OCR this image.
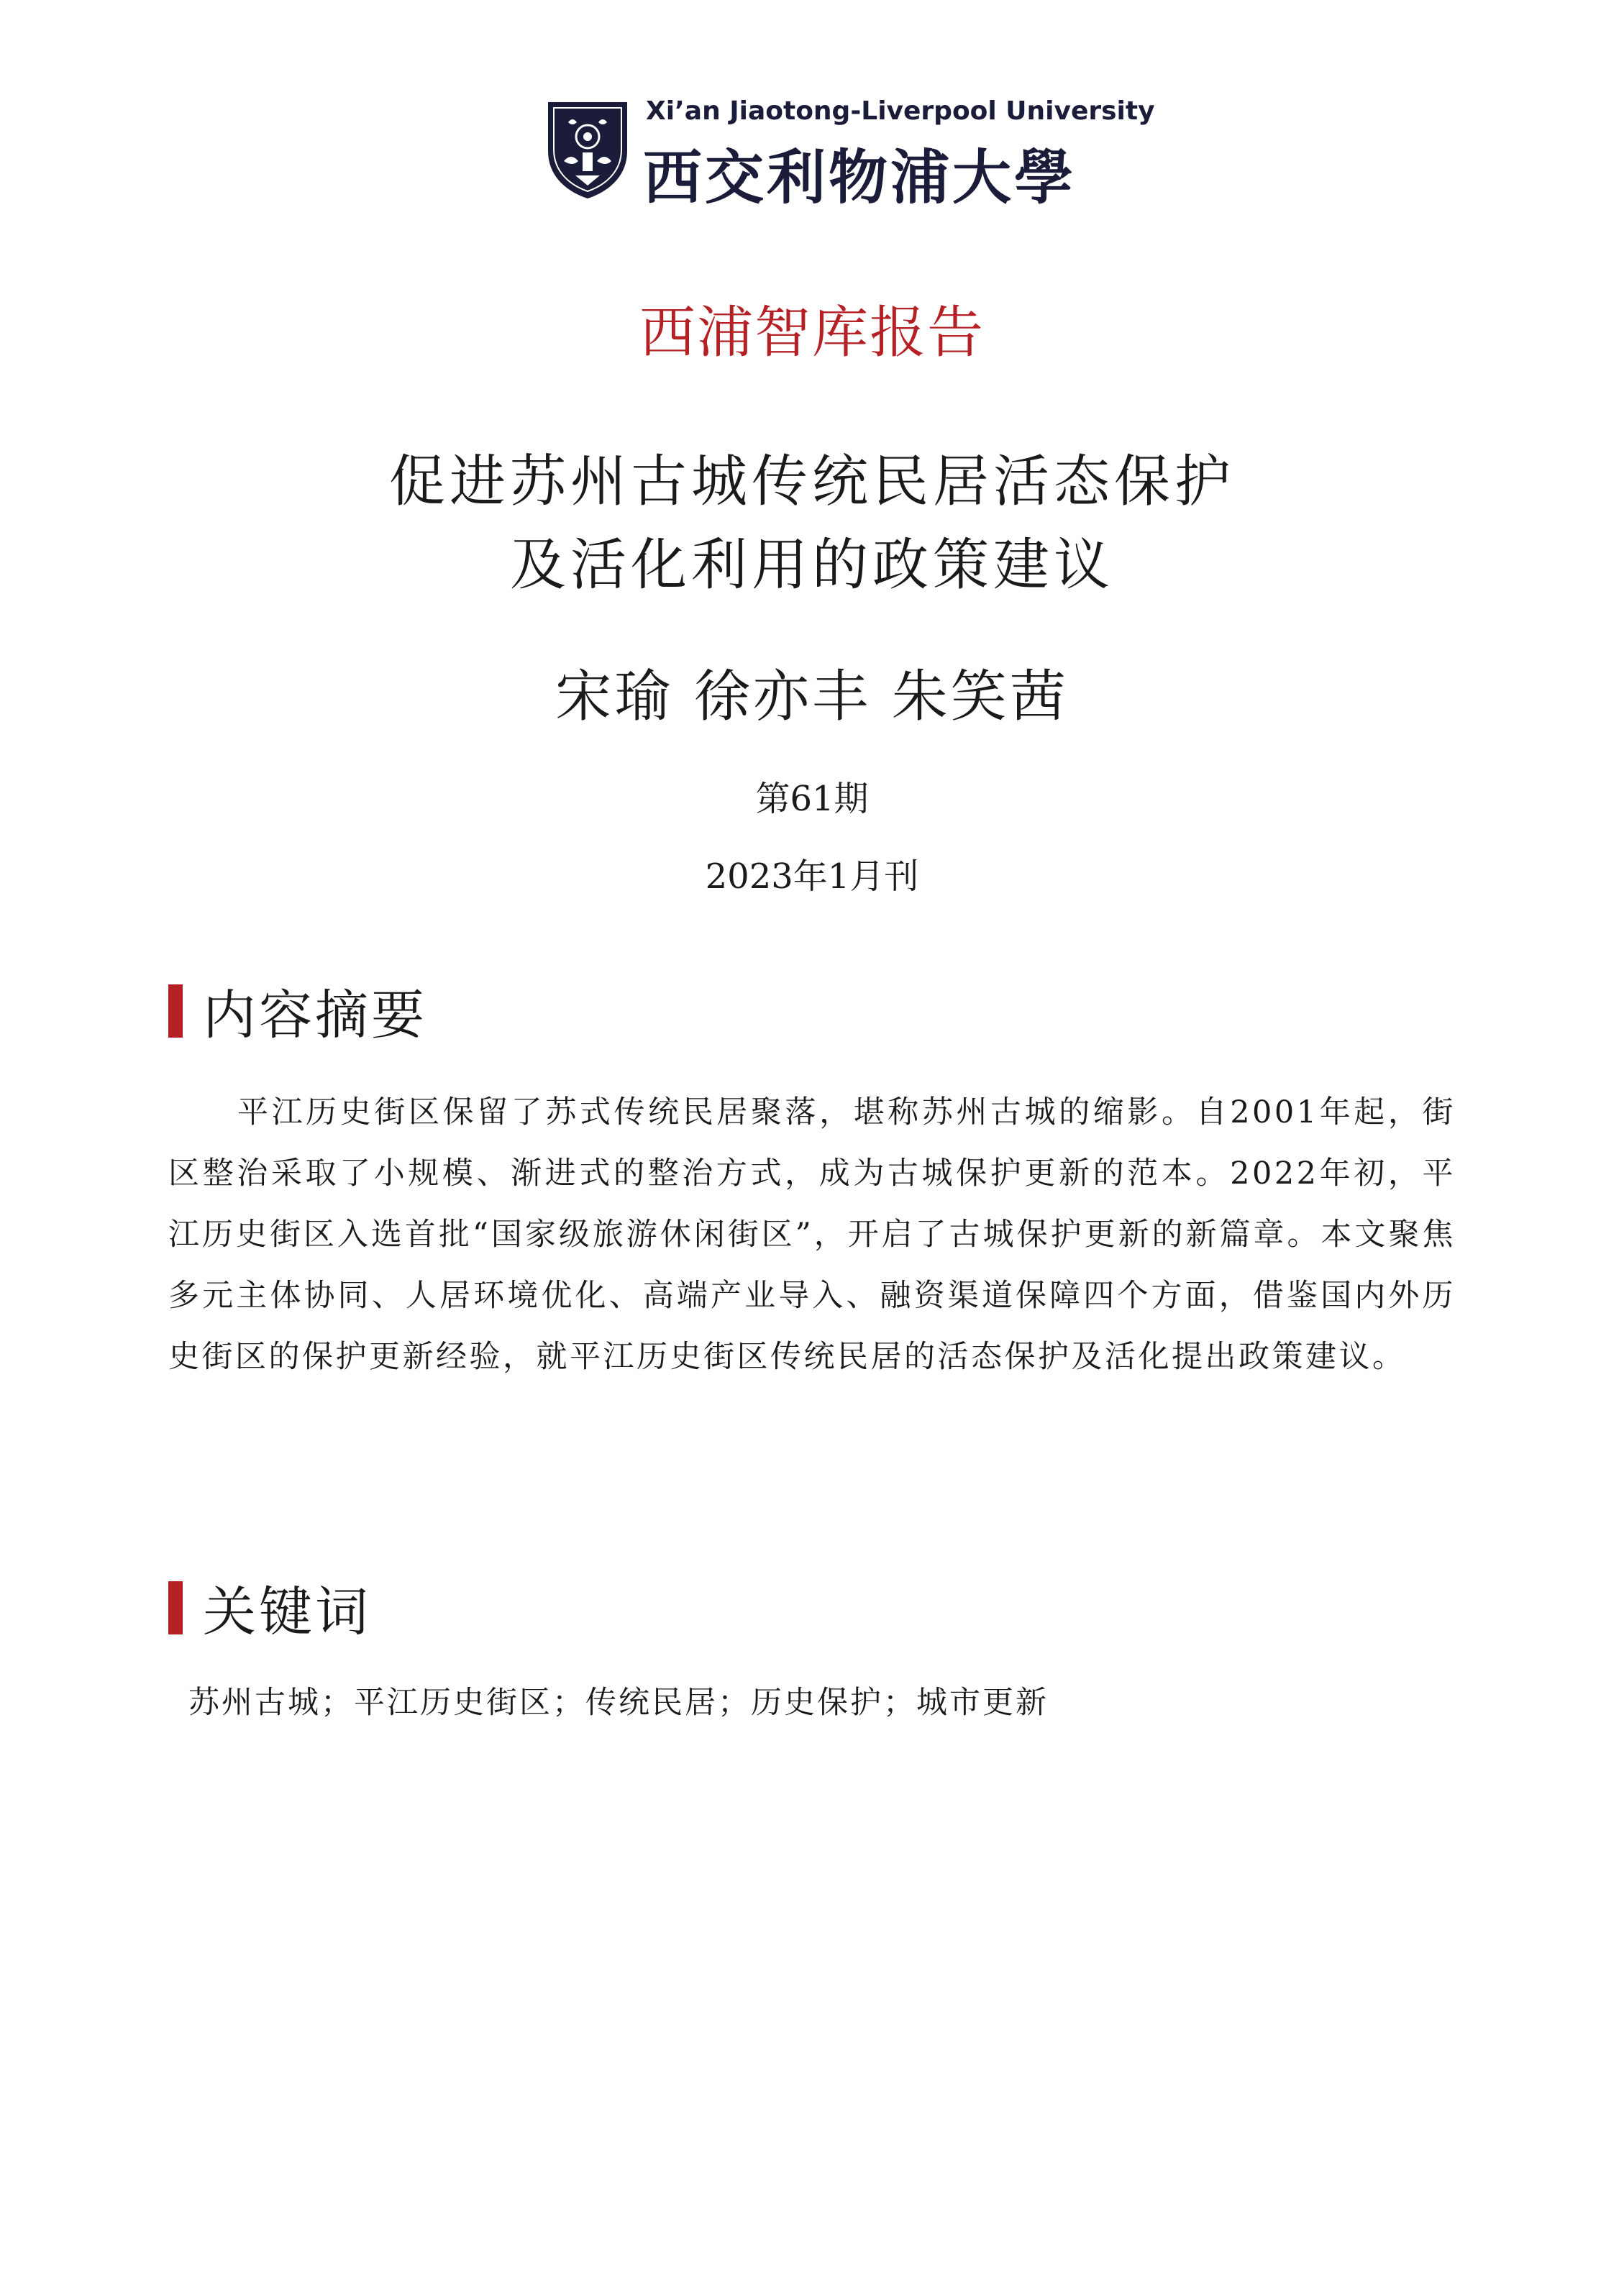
Xi’an Jiaotong-Liverpool University
西交利物浦大學
西浦智库报告
促进苏州古城传统民居活态保护
及活化利用的政策建议
宋瑜 徐亦丰 朱笑茜
第61期
2023年1月刊
内容摘要
平江历史街区保留了苏式传统民居聚落，堪称苏州古城的缩影。自2001年起，街区整治采取了小规模、渐进式的整治方式，成为古城保护更新的范本。2022年初，平江历史街区入选首批“国家级旅游休闲街区”，开启了古城保护更新的新篇章。本文聚焦多元主体协同、人居环境优化、高端产业导入、融资渠道保障四个方面，借鉴国内外历史街区的保护更新经验，就平江历史街区传统民居的活态保护及活化提出政策建议。
关键词
苏州古城；平江历史街区；传统民居；历史保护；城市更新
